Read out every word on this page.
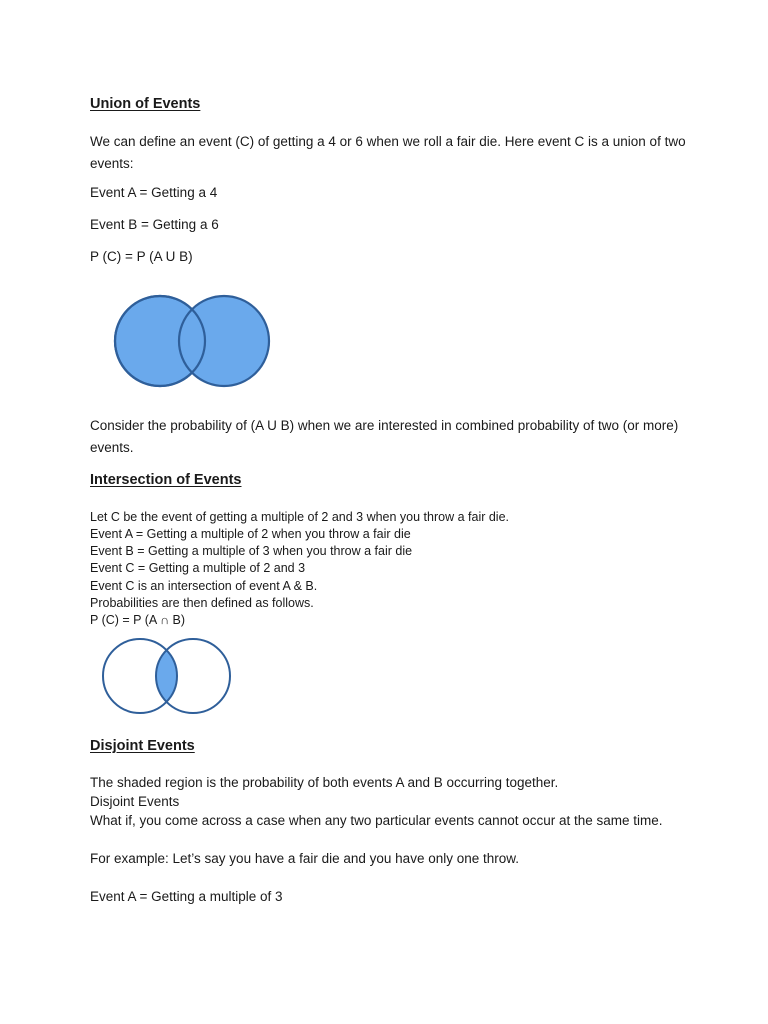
Union of Events

We can define an event (C) of getting a 4 or 6 when we roll a fair die. Here event C is a union of two events:

Event A = Getting a 4

Event B = Getting a 6

P (C) = P (A U B)

Consider the probability of (A U B) when we are interested in combined probability of two (or more) events.

Intersection of Events

Let C be the event of getting a multiple of 2 and 3 when you throw a fair die.

Event A = Getting a multiple of 2 when you throw a fair die

Event B = Getting a multiple of 3 when you throw a fair die

Event C = Getting a multiple of 2 and 3

Event C is an intersection of event A & B.

Probabilities are then defined as follows.

P (C) = P (A ∩ B)

Disjoint Events

The shaded region is the probability of both events A and B occurring together.

Disjoint Events

What if, you come across a case when any two particular events cannot occur at the same time.

For example: Let’s say you have a fair die and you have only one throw.

Event A = Getting a multiple of 3
